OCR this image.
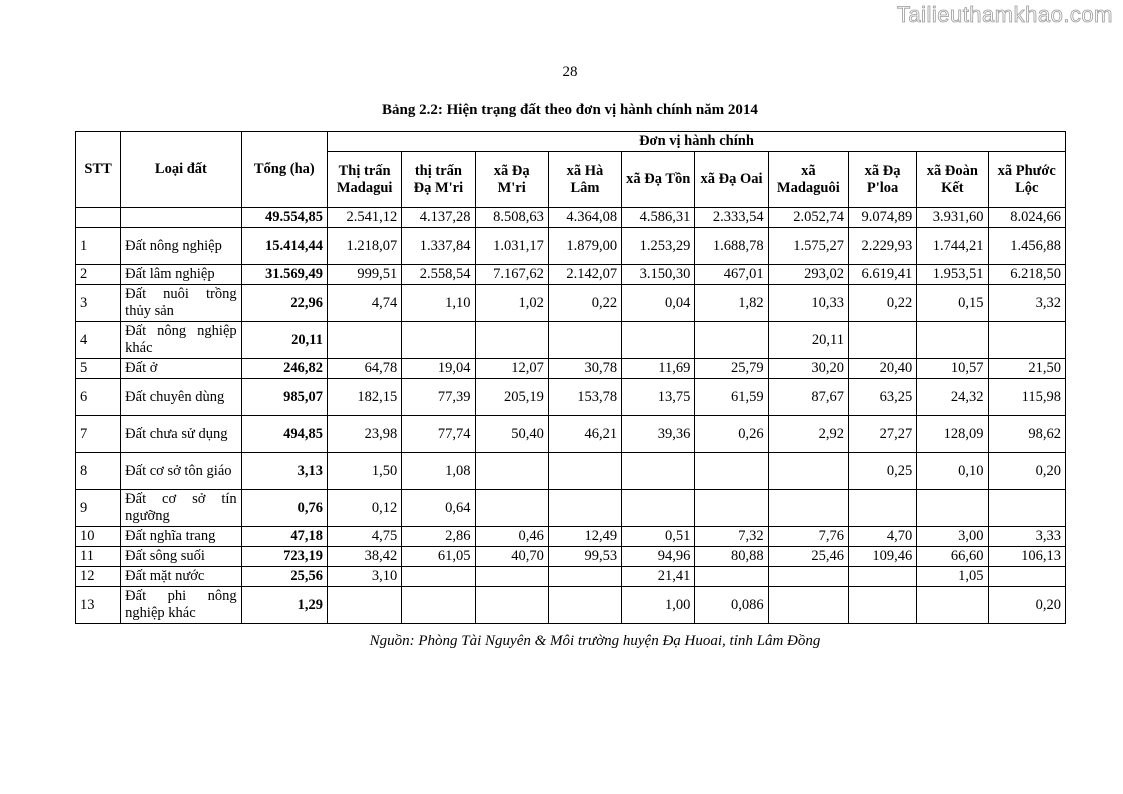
Tailieuthamkhao.com
28
Bảng 2.2: Hiện trạng đất theo đơn vị hành chính năm 2014
STT	Loại đất	Tổng (ha)	Đơn vị hành chính									
			Thị trấn Madagui	thị trấn Đạ M'ri	xã Đạ M'ri	xã Hà Lâm	xã Đạ Tồn	xã Đạ Oai	xã Madaguôi	xã Đạ P'loa	xã Đoàn Kết	xã Phước Lộc
		49.554,85	2.541,12	4.137,28	8.508,63	4.364,08	4.586,31	2.333,54	2.052,74	9.074,89	3.931,60	8.024,66
1	Đất nông nghiệp	15.414,44	1.218,07	1.337,84	1.031,17	1.879,00	1.253,29	1.688,78	1.575,27	2.229,93	1.744,21	1.456,88
2	Đất lâm nghiệp	31.569,49	999,51	2.558,54	7.167,62	2.142,07	3.150,30	467,01	293,02	6.619,41	1.953,51	6.218,50
3	Đất nuôi trồng thủy sản	22,96	4,74	1,10	1,02	0,22	0,04	1,82	10,33	0,22	0,15	3,32
4	Đất nông nghiệp khác	20,11							20,11			
5	Đất ở	246,82	64,78	19,04	12,07	30,78	11,69	25,79	30,20	20,40	10,57	21,50
6	Đất chuyên dùng	985,07	182,15	77,39	205,19	153,78	13,75	61,59	87,67	63,25	24,32	115,98
7	Đất chưa sử dụng	494,85	23,98	77,74	50,40	46,21	39,36	0,26	2,92	27,27	128,09	98,62
8	Đất cơ sở tôn giáo	3,13	1,50	1,08						0,25	0,10	0,20
9	Đất cơ sở tín ngưỡng	0,76	0,12	0,64								
10	Đất nghĩa trang	47,18	4,75	2,86	0,46	12,49	0,51	7,32	7,76	4,70	3,00	3,33
11	Đất sông suối	723,19	38,42	61,05	40,70	99,53	94,96	80,88	25,46	109,46	66,60	106,13
12	Đất mặt nước	25,56	3,10				21,41				1,05	
13	Đất phi nông nghiệp khác	1,29					1,00	0,086				0,20
Nguồn: Phòng Tài Nguyên & Môi trường huyện Đạ Huoai, tỉnh Lâm Đồng
